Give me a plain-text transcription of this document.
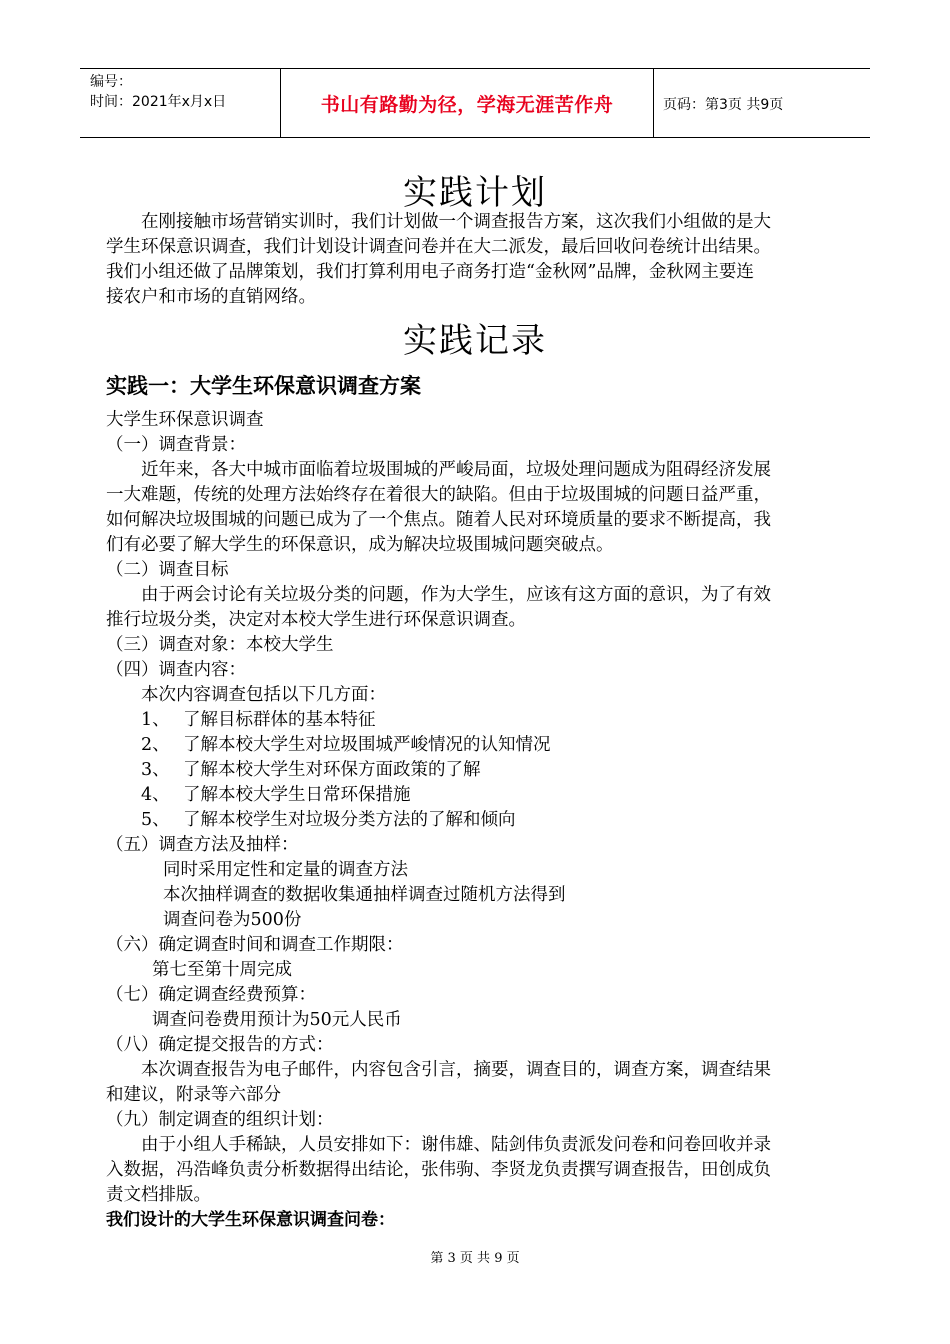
编号：
时间：2021年x月x日	书山有路勤为径，学海无涯苦作舟	页码：第3页 共9页
实践计划
在刚接触市场营销实训时，我们计划做一个调查报告方案，这次我们小组做的是大
学生环保意识调查，我们计划设计调查问卷并在大二派发，最后回收问卷统计出结果。
我们小组还做了品牌策划，我们打算利用电子商务打造“金秋网”品牌，金秋网主要连
接农户和市场的直销网络。
实践记录
实践一：大学生环保意识调查方案
大学生环保意识调查
（一）调查背景：
近年来，各大中城市面临着垃圾围城的严峻局面，垃圾处理问题成为阻碍经济发展
一大难题，传统的处理方法始终存在着很大的缺陷。但由于垃圾围城的问题日益严重，
如何解决垃圾围城的问题已成为了一个焦点。随着人民对环境质量的要求不断提高，我
们有必要了解大学生的环保意识，成为解决垃圾围城问题突破点。
（二）调查目标
由于两会讨论有关垃圾分类的问题，作为大学生，应该有这方面的意识，为了有效
推行垃圾分类，决定对本校大学生进行环保意识调查。
（三）调查对象：本校大学生
（四）调查内容：
本次内容调查包括以下几方面：
1、 了解目标群体的基本特征
2、 了解本校大学生对垃圾围城严峻情况的认知情况
3、 了解本校大学生对环保方面政策的了解
4、 了解本校大学生日常环保措施
5、 了解本校学生对垃圾分类方法的了解和倾向
（五）调查方法及抽样：
同时采用定性和定量的调查方法
本次抽样调查的数据收集通抽样调查过随机方法得到
调查问卷为500份
（六）确定调查时间和调查工作期限：
第七至第十周完成
（七）确定调查经费预算：
调查问卷费用预计为50元人民币
（八）确定提交报告的方式：
本次调查报告为电子邮件，内容包含引言，摘要，调查目的，调查方案，调查结果
和建议，附录等六部分
（九）制定调查的组织计划：
由于小组人手稀缺，人员安排如下：谢伟雄、陆剑伟负责派发问卷和问卷回收并录
入数据，冯浩峰负责分析数据得出结论，张伟驹、李贤龙负责撰写调查报告，田创成负
责文档排版。
我们设计的大学生环保意识调查问卷：
第 3 页 共 9 页
